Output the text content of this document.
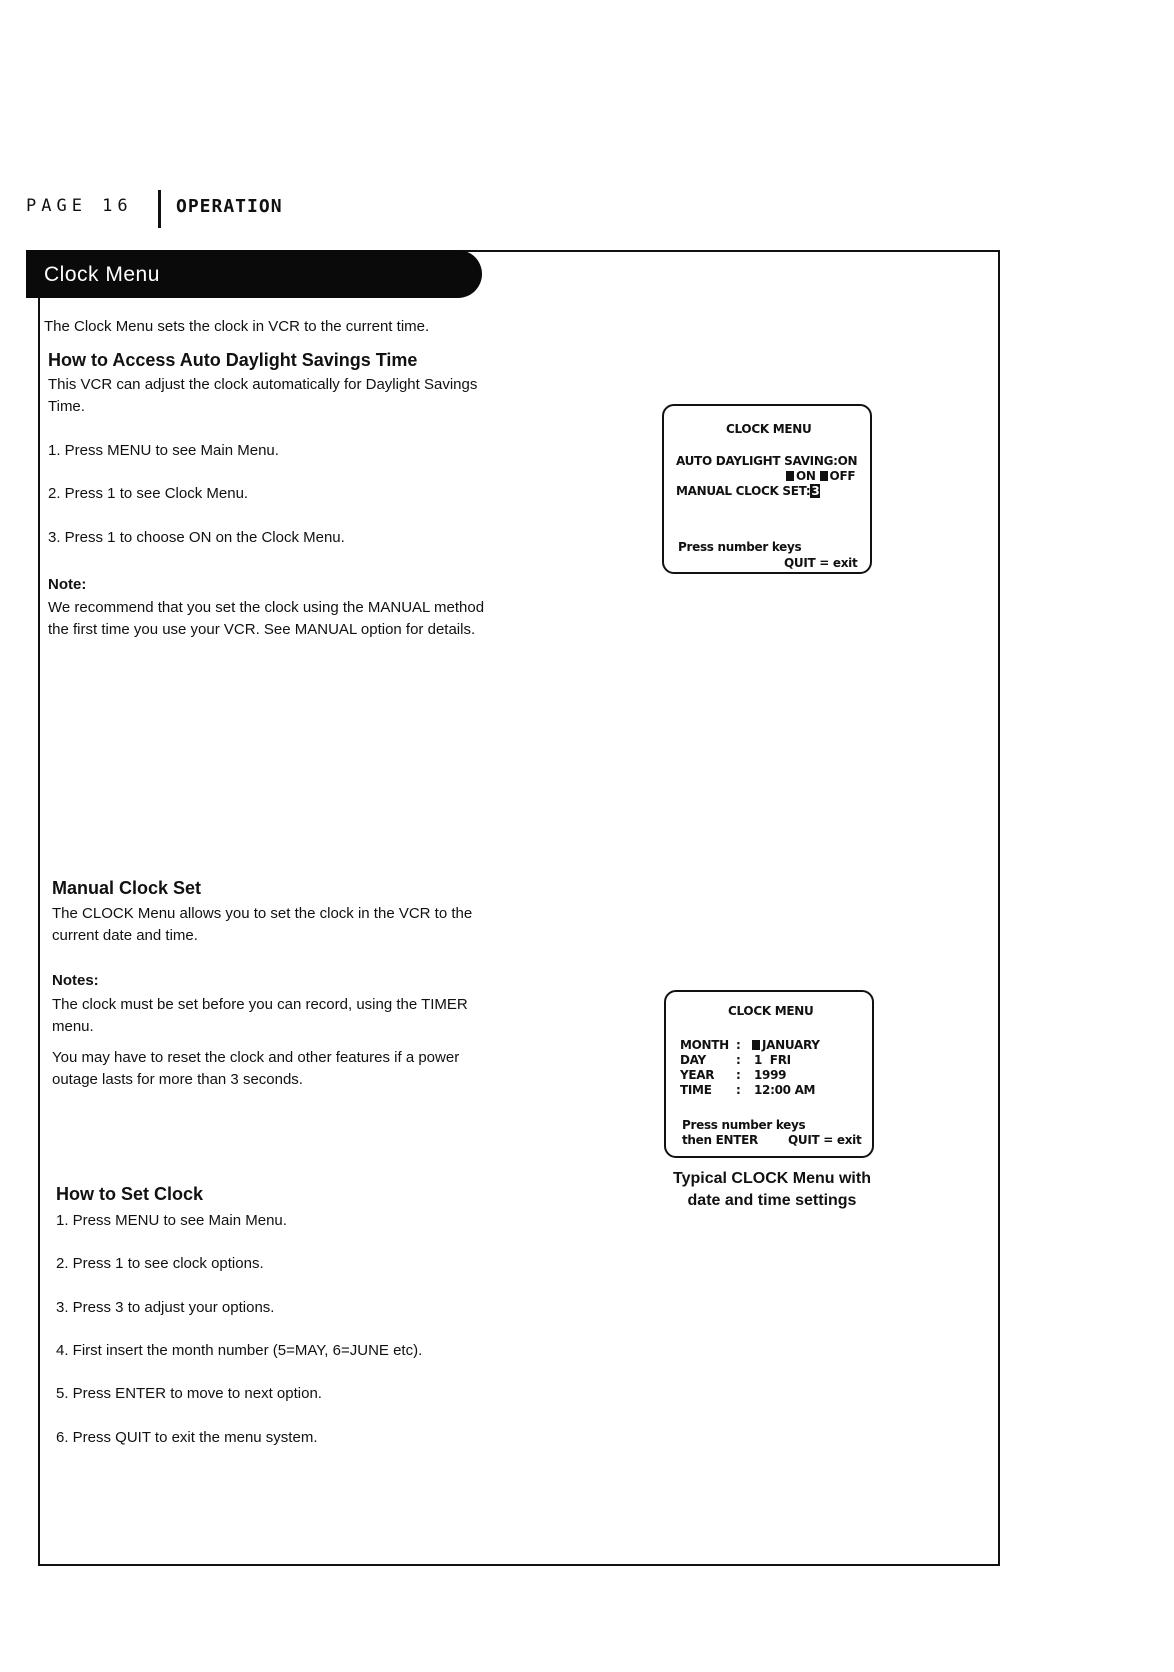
PAGE 16 OPERATION
Clock Menu
The Clock Menu sets the clock in VCR to the current time.
How to Access Auto Daylight Savings Time
This VCR can adjust the clock automatically for Daylight Savings
Time.
1. Press MENU to see Main Menu.
2. Press 1 to see Clock Menu.
3. Press 1 to choose ON on the Clock Menu.
Note:
We recommend that you set the clock using the MANUAL method
the first time you use your VCR. See MANUAL option for details.
CLOCK MENU
AUTO DAYLIGHT SAVING:ON
ON OFF
MANUAL CLOCK SET:3
Press number keys
QUIT = exit
Manual Clock Set
The CLOCK Menu allows you to set the clock in the VCR to the
current date and time.
Notes:
The clock must be set before you can record, using the TIMER
menu.
You may have to reset the clock and other features if a power
outage lasts for more than 3 seconds.
CLOCK MENU
MONTH :	JANUARY
DAY	: 1  FRI
YEAR : 1999
TIME : 12:00 AM
Press number keys
then ENTER QUIT = exit
Typical CLOCK Menu with
date and time settings
How to Set Clock
1. Press MENU to see Main Menu.
2. Press 1 to see clock options.
3. Press 3 to adjust your options.
4. First insert the month number (5=MAY, 6=JUNE etc).
5. Press ENTER to move to next option.
6. Press QUIT to exit the menu system.
